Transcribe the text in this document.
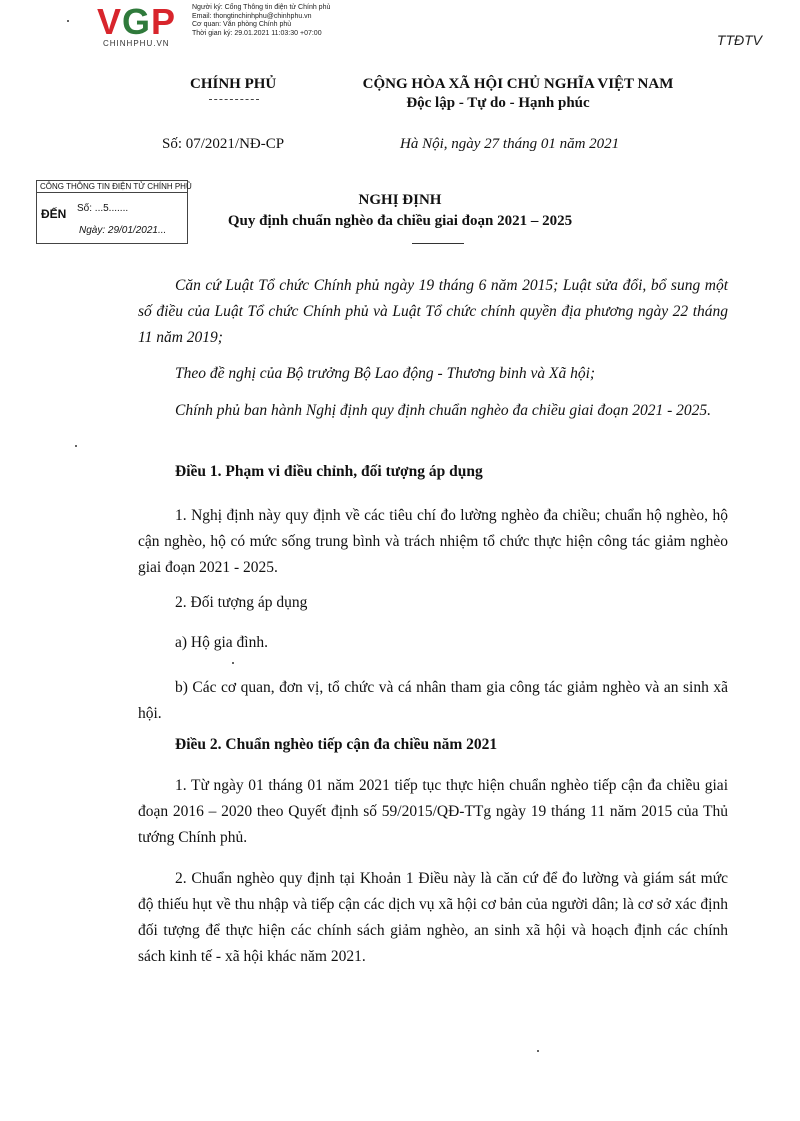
VGP
CHINHPHU.VN
Người ký: Cổng Thông tin điện tử Chính phủ
Email: thongtinchinhphu@chinhphu.vn
Cơ quan: Văn phòng Chính phủ
Thời gian ký: 29.01.2021 11:03:30 +07:00	TTĐTV
CHÍNH PHỦ	CỘNG HÒA XÃ HỘI CHỦ NGHĨA VIỆT NAM
Độc lập - Tự do - Hạnh phúc
Số: 07/2021/NĐ-CP	Hà Nội, ngày 27 tháng 01 năm 2021
CÔNG THÔNG TIN ĐIỆN TỬ CHÍNH PHỦ
ĐẾN Số: ...5.......
Ngày: 29/01/2021...
NGHỊ ĐỊNH
Quy định chuẩn nghèo đa chiều giai đoạn 2021 – 2025
Căn cứ Luật Tổ chức Chính phủ ngày 19 tháng 6 năm 2015; Luật sửa đổi, bổ sung một số điều của Luật Tổ chức Chính phủ và Luật Tổ chức chính quyền địa phương ngày 22 tháng 11 năm 2019;
Theo đề nghị của Bộ trưởng Bộ Lao động - Thương binh và Xã hội;
Chính phủ ban hành Nghị định quy định chuẩn nghèo đa chiều giai đoạn 2021 - 2025.
Điều 1. Phạm vi điều chỉnh, đối tượng áp dụng
1. Nghị định này quy định về các tiêu chí đo lường nghèo đa chiều; chuẩn hộ nghèo, hộ cận nghèo, hộ có mức sống trung bình và trách nhiệm tổ chức thực hiện công tác giảm nghèo giai đoạn 2021 - 2025.
2. Đối tượng áp dụng
a) Hộ gia đình.
b) Các cơ quan, đơn vị, tổ chức và cá nhân tham gia công tác giảm nghèo và an sinh xã hội.
Điều 2. Chuẩn nghèo tiếp cận đa chiều năm 2021
1. Từ ngày 01 tháng 01 năm 2021 tiếp tục thực hiện chuẩn nghèo tiếp cận đa chiều giai đoạn 2016 – 2020 theo Quyết định số 59/2015/QĐ-TTg ngày 19 tháng 11 năm 2015 của Thủ tướng Chính phủ.
2. Chuẩn nghèo quy định tại Khoản 1 Điều này là căn cứ để đo lường và giám sát mức độ thiếu hụt về thu nhập và tiếp cận các dịch vụ xã hội cơ bản của người dân; là cơ sở xác định đối tượng để thực hiện các chính sách giảm nghèo, an sinh xã hội và hoạch định các chính sách kinh tế - xã hội khác năm 2021.
